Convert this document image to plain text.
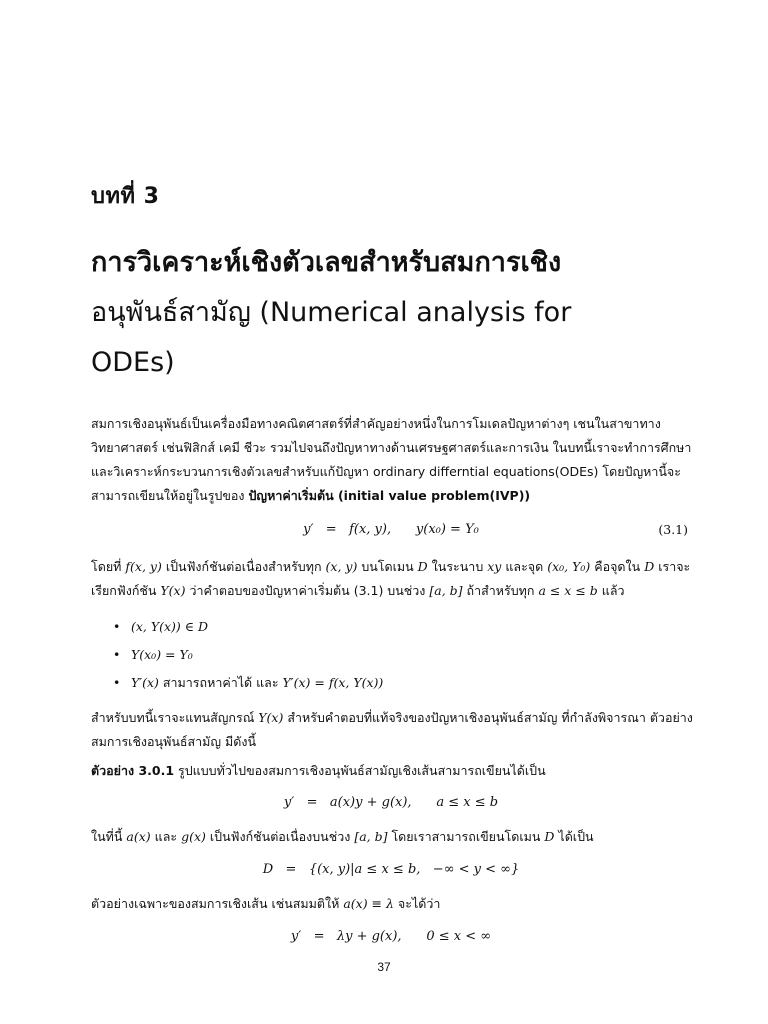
บทที่ 3
การวิเคราะห์เชิงตัวเลขสำหรับสมการเชิง
อนุพันธ์สามัญ (Numerical analysis for
ODEs)
สมการเชิงอนุพันธ์เป็นเครื่องมือทางคณิตศาสตร์ที่สำคัญอย่างหนึ่งในการโมเดลปัญหาต่างๆ เชนในสาขาทางวิทยาศาสตร์ เช่นฟิสิกส์ เคมี ชีวะ รวมไปจนถึงปัญหาทางด้านเศรษฐศาสตร์และการเงิน ในบทนี้เราจะทำการศึกษาและวิเคราะห์กระบวนการเชิงตัวเลขสำหรับแก้ปัญหา ordinary differntial equations(ODEs) โดยปัญหานี้จะสามารถเขียนให้อยู่ในรูปของ ปัญหาค่าเริ่มต้น (initial value problem(IVP))
y′   =   f(x, y),      y(x₀) = Y₀	(3.1)
โดยที่ f(x, y) เป็นฟังก์ชันต่อเนื่องสำหรับทุก (x, y) บนโดเมน D ในระนาบ xy และจุด (x₀, Y₀) คือจุดใน D เราจะเรียกฟังก์ชัน Y(x) ว่าคำตอบของปัญหาค่าเริ่มต้น (3.1) บนช่วง [a, b] ถ้าสำหรับทุก a ≤ x ≤ b แล้ว
• (x, Y(x)) ∈ D
• Y(x₀) = Y₀
• Y′(x) สามารถหาค่าได้ และ Y′(x) = f(x, Y(x))
สำหรับบทนี้เราจะแทนสัญกรณ์ Y(x) สำหรับคำตอบที่แท้จริงของปัญหาเชิงอนุพันธ์สามัญ ที่กำลังพิจารณา ตัวอย่างสมการเชิงอนุพันธ์สามัญ มีดังนี้
ตัวอย่าง 3.0.1 รูปแบบทั่วไปของสมการเชิงอนุพันธ์สามัญเชิงเส้นสามารถเขียนได้เป็น
y′   =   a(x)y + g(x),      a ≤ x ≤ b
ในที่นี้ a(x) และ g(x) เป็นฟังก์ชันต่อเนื่องบนช่วง [a, b] โดยเราสามารถเขียนโดเมน D ได้เป็น
D   =   {(x, y)|a ≤ x ≤ b,   −∞ < y < ∞}
ตัวอย่างเฉพาะของสมการเชิงเส้น เช่นสมมติให้ a(x) ≡ λ จะได้ว่า
y′   =   λy + g(x),      0 ≤ x < ∞
37
